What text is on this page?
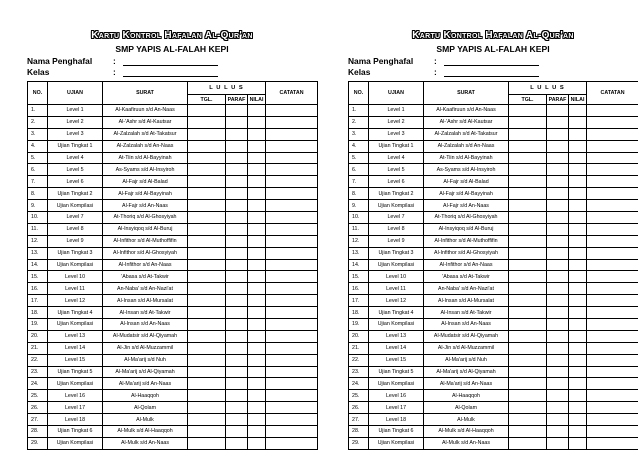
Kartu Kontrol Hafalan Al-Qur'an
SMP YAPIS AL-FALAH KEPI
Nama Penghafal	:
Kelas	:
NO.	UJIAN	SURAT	L U L U S			CATATAN
			TGL.	PARAF	NILAI	
1.	Level 1	Al-Kaafiruun s/d An-Naas				
2.	Level 2	Al-'Ashr s/d Al-Kautsar				
3.	Level 3	Al-Zalzalah s/d At-Takatsur				
4.	Ujian Tingkat 1	Al-Zalzalah s/d An-Naas				
5.	Level 4	At-Tiin s/d Al-Bayyinah				
6.	Level 5	As-Syams s/d Al-Insyiroh				
7.	Level 6	Al-Fajr s/d Al-Balad				
8.	Ujian Tingkat 2	Al-Fajr s/d Al-Bayyinah				
9.	Ujian Kompilasi	Al-Fajr s/d An-Naas				
10.	Level 7	At-Thoriq s/d Al-Ghosyiyah				
11.	Level 8	Al-Insyiqoq s/d Al-Buruj				
12.	Level 9	Al-Infithor s/d Al-Muthoffifin				
13.	Ujian Tingkat 3	Al-Infithor s/d Al-Ghosyiyah				
14.	Ujian Kompilasi	Al-Infithor s/d An-Naas				
15.	Level 10	'Abasa s/d At-Takwir				
16.	Level 11	An-Naba' s/d An-Nazi'at				
17.	Level 12	Al-Insan s/d Al-Mursalat				
18.	Ujian Tingkat 4	Al-Insan s/d At-Takwir				
19.	Ujian Kompilasi	Al-Insan s/d An-Naas				
20.	Level 13	Al-Mudatsir s/d Al-Qiyamah				
21.	Level 14	Al-Jin s/d Al-Muzzammil				
22.	Level 15	Al-Ma'arij s/d Nuh				
23.	Ujian Tingkat 5	Al-Ma'arij s/d Al-Qiyamah				
24.	Ujian Kompilasi	Al-Ma'arij s/d An-Naas				
25.	Level 16	Al-Haaqqoh				
26.	Level 17	Al-Qolam				
27.	Level 18	Al-Mulk				
28.	Ujian Tingkat 6	Al-Mulk s/d Al-Haaqqoh				
29.	Ujian Kompilasi	Al-Mulk s/d An-Naas				
Kartu Kontrol Hafalan Al-Qur'an
SMP YAPIS AL-FALAH KEPI
Nama Penghafal	:
Kelas	:
NO.	UJIAN	SURAT	L U L U S			CATATAN
			TGL.	PARAF	NILAI	
1.	Level 1	Al-Kaafiruun s/d An-Naas				
2.	Level 2	Al-'Ashr s/d Al-Kautsar				
3.	Level 3	Al-Zalzalah s/d At-Takatsur				
4.	Ujian Tingkat 1	Al-Zalzalah s/d An-Naas				
5.	Level 4	At-Tiin s/d Al-Bayyinah				
6.	Level 5	As-Syams s/d Al-Insyiroh				
7.	Level 6	Al-Fajr s/d Al-Balad				
8.	Ujian Tingkat 2	Al-Fajr s/d Al-Bayyinah				
9.	Ujian Kompilasi	Al-Fajr s/d An-Naas				
10.	Level 7	At-Thoriq s/d Al-Ghosyiyah				
11.	Level 8	Al-Insyiqoq s/d Al-Buruj				
12.	Level 9	Al-Infithor s/d Al-Muthoffifin				
13.	Ujian Tingkat 3	Al-Infithor s/d Al-Ghosyiyah				
14.	Ujian Kompilasi	Al-Infithor s/d An-Naas				
15.	Level 10	'Abasa s/d At-Takwir				
16.	Level 11	An-Naba' s/d An-Nazi'at				
17.	Level 12	Al-Insan s/d Al-Mursalat				
18.	Ujian Tingkat 4	Al-Insan s/d At-Takwir				
19.	Ujian Kompilasi	Al-Insan s/d An-Naas				
20.	Level 13	Al-Mudatsir s/d Al-Qiyamah				
21.	Level 14	Al-Jin s/d Al-Muzzammil				
22.	Level 15	Al-Ma'arij s/d Nuh				
23.	Ujian Tingkat 5	Al-Ma'arij s/d Al-Qiyamah				
24.	Ujian Kompilasi	Al-Ma'arij s/d An-Naas				
25.	Level 16	Al-Haaqqoh				
26.	Level 17	Al-Qolam				
27.	Level 18	Al-Mulk				
28.	Ujian Tingkat 6	Al-Mulk s/d Al-Haaqqoh				
29.	Ujian Kompilasi	Al-Mulk s/d An-Naas				
